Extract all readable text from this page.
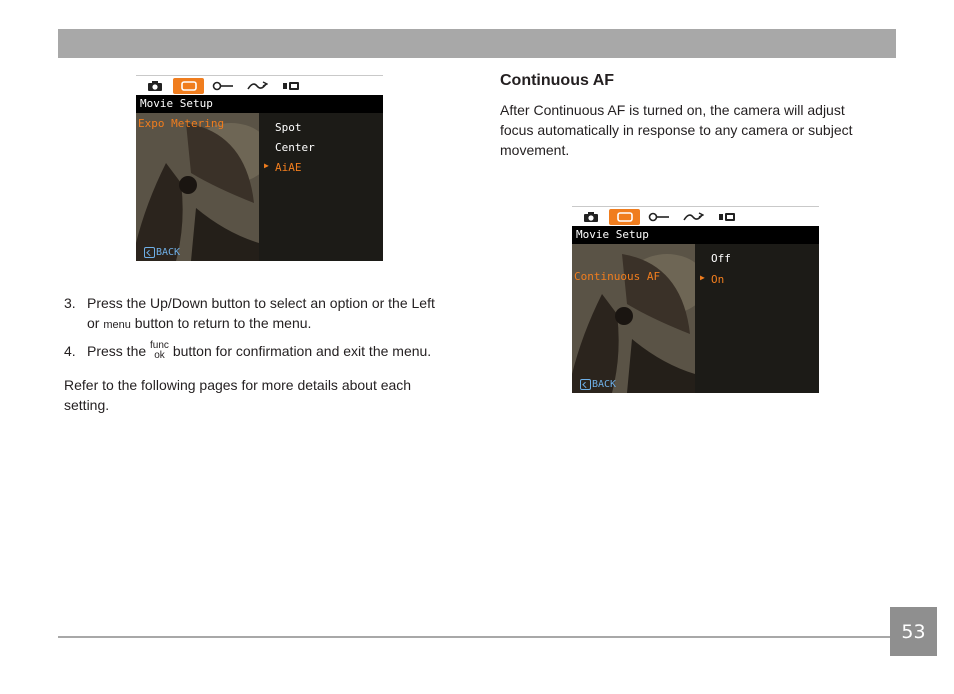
Movie Setup
Expo Metering	Spot
Center
▶ AiAE
BACK
Continuous AF
After Continuous AF is turned on, the camera will adjust focus automatically in response to any camera or subject movement.
Movie Setup
Continuous AF
Off
▶ On
BACK
3. Press the Up/Down button to select an option or the Left
or menu button to return to the menu.
4. Press the func
ok button for confirmation and exit the menu.
Refer to the following pages for more details about each setting.
53
